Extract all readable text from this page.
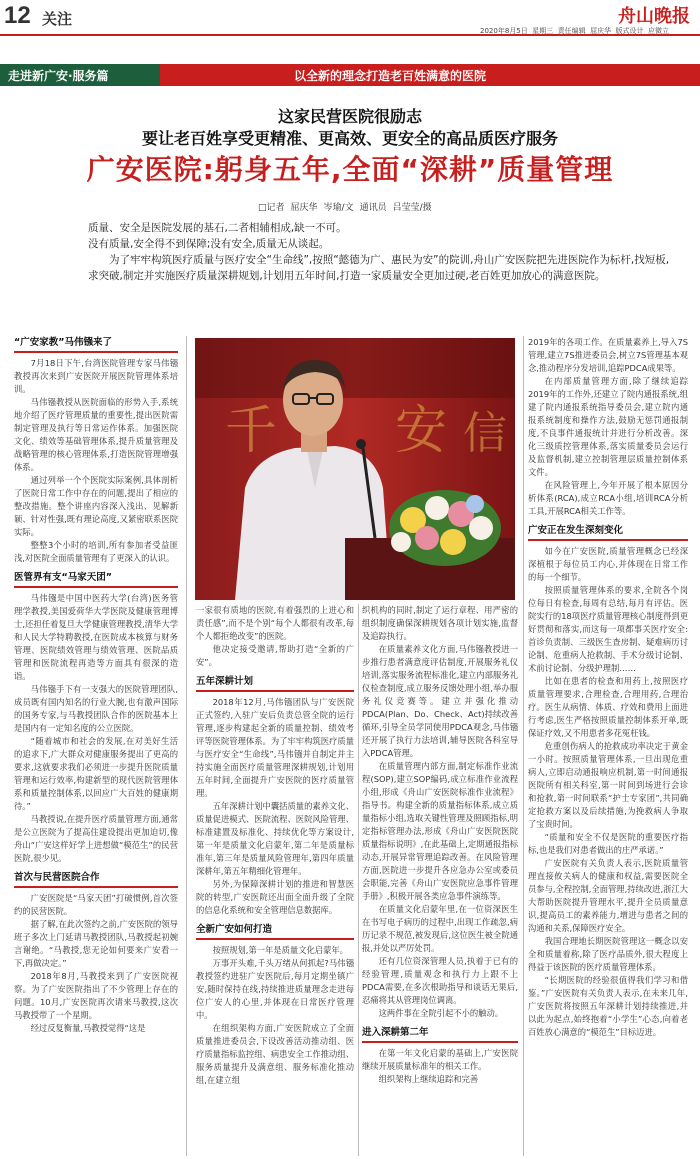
12 关注
2020年8月5日 星期三 责任编辑 屈庆华 版式设计 应微立
舟山晚报
走进新广安·服务篇	以全新的理念打造老百姓满意的医院
这家民营医院很励志
要让老百姓享受更精准、更高效、更安全的高品质医疗服务
广安医院:躬身五年,全面“深耕”质量管理
□记者 屈庆华 岑瑜/文 通讯员 吕莹莹/摄

质量、安全是医院发展的基石,二者相辅相成,缺一不可。

没有质量,安全得不到保障;没有安全,质量无从谈起。

为了牢牢构筑医疗质量与医疗安全“生命线”,按照“懿德为广、惠民为安”的院训,舟山广安医院把先进医院作为标杆,找短板,求突破,制定并实施医疗质量深耕规划,计划用五年时间,打造一家质量安全更加过硬,老百姓更加放心的满意医院。

“广安家教”马伟镪来了

7月18日下午,台湾医院管理专家马伟镪教授再次来到广安医院开展医院管理体系培训。

马伟镪教授从医院面临的形势入手,系统地介绍了医疗管理质量的重要性,提出医院需制定管理及执行等日常运作体系。加强医院文化、绩效等基础管理体系,提升质量管理及战略管理的核心管理体系,打造医院管理增强体系。

通过列举一个个医院实际案例,具体剖析了医院日常工作中存在的问题,提出了相应的整改措施。整个讲座内容深入浅出、见解新颖、针对性强,既有理论高度,又紧密联系医院实际。

整整3个小时的培训,所有参加者受益匪浅,对医院全面质量管理有了更深入的认识。

医管界有支“马家天团”

马伟镪是中国中医药大学(台湾)医务管理学教授,美国爱荷华大学医院及健康管理博士,还担任着复旦大学健康管理教授,清华大学和人民大学特聘教授,在医院成本核算与财务管理、医院绩效管理与绩效管理、医院品质管理和医院流程再造等方面具有很深的造诣。

马伟镪手下有一支强大的医院管理团队,成员既有国内知名的行业大腕,也有激声国际的国务专家,与马教授团队合作的医院基本上是国内有一定知名度的公立医院。

“随着城市和社会的发展,在对美好生活的追求下,广大群众对健康服务提出了更高的要求,这就要求我们必须进一步提升医院质量管理和运行效率,构建新型的现代医院管理体系和质量控制体系,以回应广大百姓的健康期待。”

马教授说,在提升医疗质量管理方面,通常是公立医院为了提高住建设提出更加迫切,像舟山“广安这样好学上进想做“模范生”的民营医院,很少见。

首次与民营医院合作

广安医院是“马家天团”打破惯例,首次签约的民营医院。

据了解,在此次签约之前,广安医院的领导班子多次上门延请马教授团队,马教授起初婉言谢绝。“马教授,您无论如何要来广安看一下,再做决定。”

2018年8月,马教授来到了广安医院视察。为了广安医院指出了不少管理上存在的问题。10月,广安医院再次请来马教授,这次马教授带了一个星期。

经过反复衡量,马教授觉得“这是

千 安 信

一家很有质地的医院,有着强烈的上进心和责任感”,而不是个别“每个人都很有改革,每个人都拒绝改变”的医院。

他决定接受邀请,帮助打造“全新的广安”。

五年深耕计划

2018年12月,马伟镪团队与广安医院正式签约,入驻广安后负责总管全院的运行管理,逐步构建起全新的质量控制、绩效考评等医院管理体系。为了牢牢构筑医疗质量与医疗安全“生命线”,马伟镪并自制定并主持实施全面医疗质量管理深耕规划,计划用五年时间,全面提升广安医院的医疗质量管理。

五年深耕计划中囊括质量的素养文化、质量促进模式、医院流程、医院风险管理、标准建置及标准化、持续优化等方案设计,第一年是质量文化启蒙年,第二年是质量标准年,第三年是质量风险管理年,第四年质量深耕年,第五年精细化管理年。

另外,为保障深耕计划的推进和智慧医院的转型,广安医院还出面全面升级了全院的信息化系统和安全管理信息数据库。

全新广安如何打造

按照规划,第一年是质量文化启蒙年。

万事开头难,千头万绪从何抓起?马伟镪教授签约进驻广安医院后,每月定期坐镇广安,随时保持在线,持续推进质量理念走进每位广安人的心里,并体现在日常医疗管理中。

在组织架构方面,广安医院成立了全面质量推进委员会,下设改善活动推动组、医疗质量指标监控组、病患安全工作推动组、服务质量提升及满意组、服务标准化推动组,在建立组

织机构的同时,制定了运行章程、用严密的组织制度确保深耕规划各项计划实施,监督及追踪执行。

在质量素养文化方面,马伟镪教授进一步推行患者满意度评估制度,开展服务礼仪培训,落实服务流程标准化,建立内部服务礼仪检查制度,成立服务反馈处理小组,举办服务礼仪竞赛等。建立并强化推动PDCA(Plan、Do、Check、Act)持续改善循环,引导全员学同使用PDCA观念,马伟镪还开展了执行力法培训,辅导医院各科室导入PDCA管理。

在质量管理内部方面,制定标准作业流程(SOP),建立SOP编码,成立标准作业流程小组,形成《舟山广安医院标准作业流程》指导书。构建全新的质量指标体系,成立质量指标小组,选取关键性管理及照顾指标,明定指标管理办法,形成《舟山广安医院医院质量指标说明》,在此基础上,定期通报指标动态,开展异常管理追踪改善。在风险管理方面,医院进一步提升各应急办公室或委员会职能,完善《舟山广安医院应急事件管理手册》,积极开展各类应急事件演练等。

在质量文化启蒙年里,在一位资深医生在书写电子病历的过程中,出现工作疏忽,病历记录不规范,被发现后,这位医生被全院通报,并处以严厉处罚。

还有几位资深管理人员,执着于已有的经验管理,质量观念和执行力上跟不上PDCA需要,在多次根助指导和谈话无果后,忍痛将其从管理岗位调离。

这两件事在全院引起不小的触动。

进入深耕第二年

在第一年文化启蒙的基础上,广安医院继续开展质量标准年的相关工作。

组织架构上继续追踪和完善

2019年的各项工作。在质量素养上,导入7S管理,建立7S推进委员会,树立7S管理基本观念,推动程序分发培训,追踪PDCA成果等。

在内部质量管理方面,除了继续追踪2019年的工作外,还建立了院内通报系统,组建了院内通报系统指导委员会,建立院内通报系统制度和操作方法,鼓励无惩罚通报制度,不良事件通报统计并进行分析改善。深化三级质控管理体系,落实质量委员会运行及监督机制,建立控制管理层质量控制体系文件。

在风险管理上,今年开展了根本原因分析体系(RCA),成立RCA小组,培训RCA分析工具,开展RCA相关工作等。

广安正在发生深刻变化

如今在广安医院,质量管理概念已经深深植根于每位员工内心,并体现在日常工作的每一个细节。

按照质量管理体系的要求,全院各个岗位每日有检查,每周有总结,每月有评估。医院实行的18项医疗质量管理核心制度得到更好贯彻和落实,而这每一项都事关医疗安全:首诊负责制、三级医生查房制、疑难病历讨论制、危重病人抢救制、手术分级讨论制、术前讨论制、分级护理制……

比如在患者的检查和用药上,按照医疗质量管理要求,合理检查,合理用药,合理治疗。医生从病情、体质、疗效和费用上面进行考虑,医生严格按照质量控制体系开单,既保证疗效,又不用患者多花冤枉钱。

危重创伤病人的抢救成功率决定于黄金一小时。按照质量管理体系,一旦出现危重病人,立即启动通报响应机制,第一时间通报医院所有相关科室,第一时间到场进行会诊和抢救,第一时间联系“护士专家团”,共同确定抢救方案以及后续措施,为挽救病人争取了宝贵时间。

“质量和安全不仅是医院的重要医疗指标,也是我们对患者做出的庄严承诺。”

广安医院有关负责人表示,医院质量管理直接攸关病人的健康和权益,需要医院全员参与,全程控制,全面管理,持续改进,浙江大大帮助医院提升管理水平,提升全员质量意识,提高员工的素养能力,增进与患者之间的沟通和关系,保障医疗安全。

我国合理地长期医院管理这一概念以安全和质量着称,除了医疗品质外,很大程度上得益于该医院的医疗质量管理体系。

“长期医院的经验很值得我们学习和借鉴。”广安医院有关负责人表示,在未来几年,广安医院将按照五年深耕计划持续推进,并以此为起点,始终抱着“小学生”心态,向着老百姓放心满意的“模范生”目标迈进。
